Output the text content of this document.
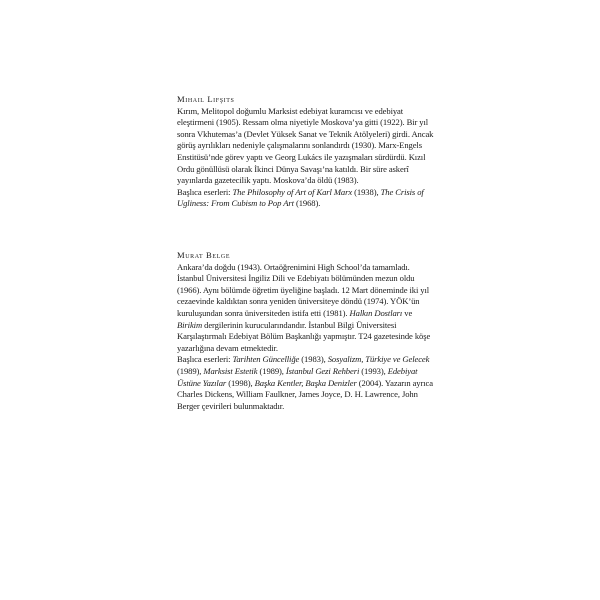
Mihail Lifşits

Kırım, Melitopol doğumlu Marksist edebiyat kuramcısı ve edebiyat eleştirmeni (1905). Ressam olma niyetiyle Moskova’ya gitti (1922). Bir yıl sonra Vkhutemas’a (Devlet Yüksek Sanat ve Teknik Atölyeleri) girdi. Ancak görüş ayrılıkları nedeniyle çalışmalarını sonlandırdı (1930). Marx-Engels Enstitüsü’nde görev yaptı ve Georg Lukács ile yazışmaları sürdürdü. Kızıl Ordu gönüllüsü olarak İkinci Dünya Savaşı’na katıldı. Bir süre askerî yayınlarda gazetecilik yaptı. Moskova’da öldü (1983).

Başlıca eserleri: The Philosophy of Art of Karl Marx (1938), The Crisis of Ugliness: From Cubism to Pop Art (1968).

Murat Belge

Ankara’da doğdu (1943). Ortaöğrenimini High School’da tamamladı. İstanbul Üniversitesi İngiliz Dili ve Edebiyatı bölümünden mezun oldu (1966). Aynı bölümde öğretim üyeliğine başladı. 12 Mart döneminde iki yıl cezaevinde kaldıktan sonra yeniden üniversiteye döndü (1974). YÖK’ün kuruluşundan sonra üniversiteden istifa etti (1981). Halkın Dostları ve Birikim dergilerinin kurucularındandır. İstanbul Bilgi Üniversitesi Karşılaştırmalı Edebiyat Bölüm Başkanlığı yapmıştır. T24 gazetesinde köşe yazarlığına devam etmektedir.

Başlıca eserleri: Tarihten Güncelliğe (1983), Sosyalizm, Türkiye ve Gelecek (1989), Marksist Estetik (1989), İstanbul Gezi Rehberi (1993), Edebiyat Üstüne Yazılar (1998), Başka Kentler, Başka Denizler (2004). Yazarın ayrıca Charles Dickens, William Faulkner, James Joyce, D. H. Lawrence, John Berger çevirileri bulunmaktadır.
